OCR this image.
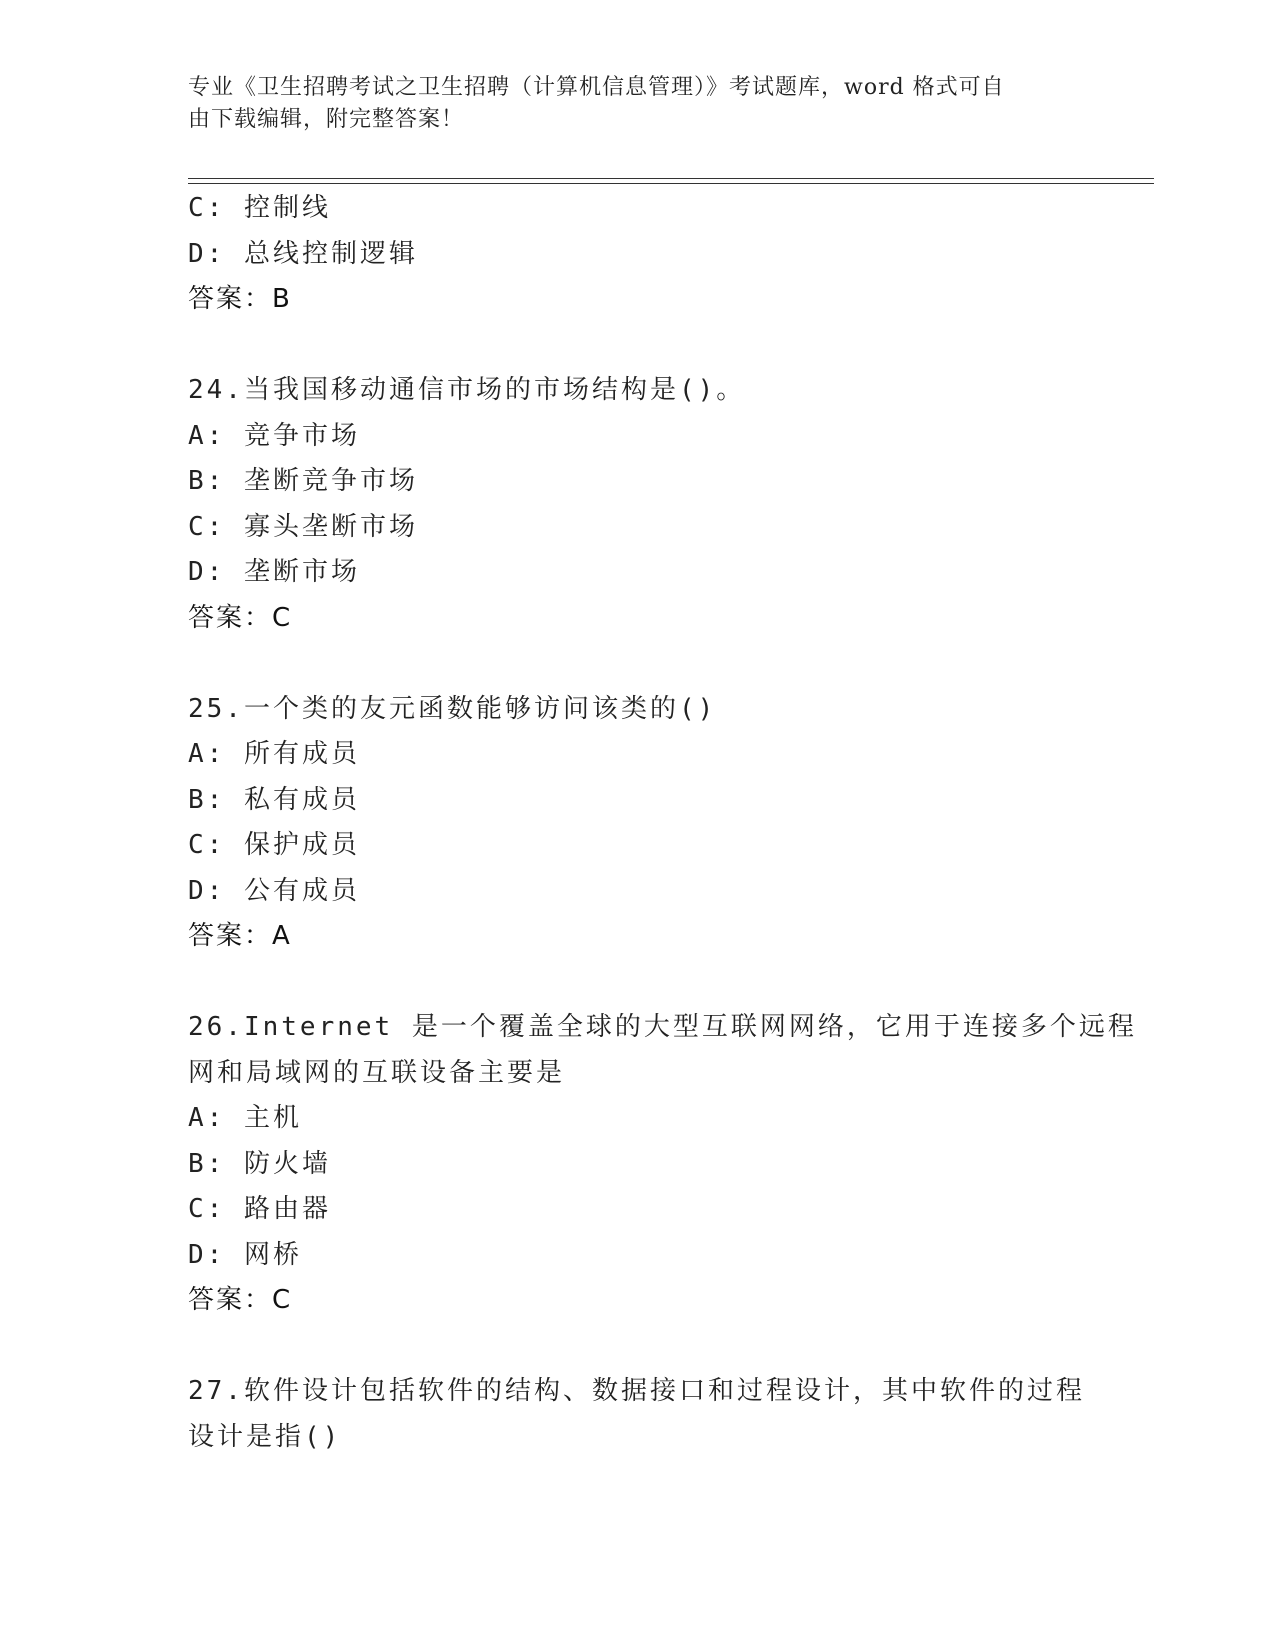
专业《卫生招聘考试之卫生招聘（计算机信息管理）》考试题库，word 格式可自
由下载编辑，附完整答案！
C: 控制线
D: 总线控制逻辑
答案：B
24.当我国移动通信市场的市场结构是()。
A: 竞争市场
B: 垄断竞争市场
C: 寡头垄断市场
D: 垄断市场
答案：C
25.一个类的友元函数能够访问该类的()
A: 所有成员
B: 私有成员
C: 保护成员
D: 公有成员
答案：A
26.Internet 是一个覆盖全球的大型互联网网络，它用于连接多个远程
网和局域网的互联设备主要是
A: 主机
B: 防火墙
C: 路由器
D: 网桥
答案：C
27.软件设计包括软件的结构、数据接口和过程设计，其中软件的过程
设计是指()
